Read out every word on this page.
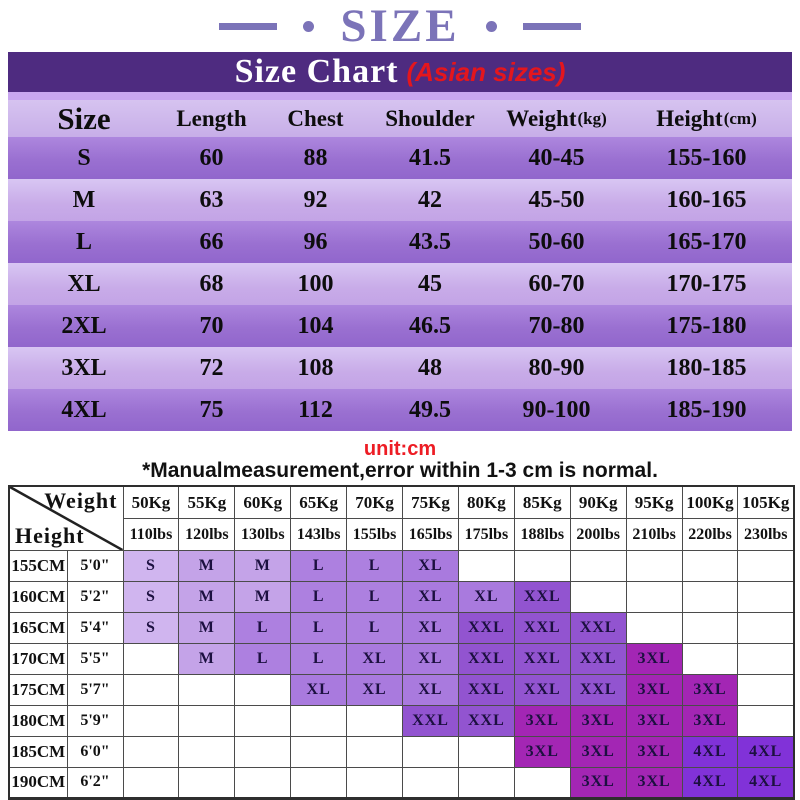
SIZE
Size Chart (Asian sizes)
Size	Length Chest Shoulder Weight (kg) Height (cm)
S	60	88	41.5	40-45	155-160
M	63	92	42	45-50	160-165
L	66	96	43.5	50-60	165-170
XL	68	100	45	60-70	170-175
2XL	70	104	46.5	70-80	175-180
3XL	72	108	48	80-90	180-185
4XL	75	112	49.5	90-100	185-190
unit:cm
*Manualmeasurement,error within 1-3 cm is normal.
Weight
Height		50Kg	55Kg	60Kg	65Kg	70Kg	75Kg	80Kg	85Kg	90Kg	95Kg	100Kg	105Kg
		110lbs	120lbs	130lbs	143lbs	155lbs	165lbs	175lbs	188lbs	200lbs	210lbs	220lbs	230lbs
155CM	5'0"	S	M	M	L	L	XL						
160CM	5'2"	S	M	M	L	L	XL	XL	XXL				
165CM	5'4"	S	M	L	L	L	XL	XXL	XXL	XXL			
170CM	5'5"		M	L	L	XL	XL	XXL	XXL	XXL	3XL		
175CM	5'7"				XL	XL	XL	XXL	XXL	XXL	3XL	3XL	
180CM	5'9"						XXL	XXL	3XL	3XL	3XL	3XL	
185CM	6'0"								3XL	3XL	3XL	4XL	4XL
190CM	6'2"									3XL	3XL	4XL	4XL
